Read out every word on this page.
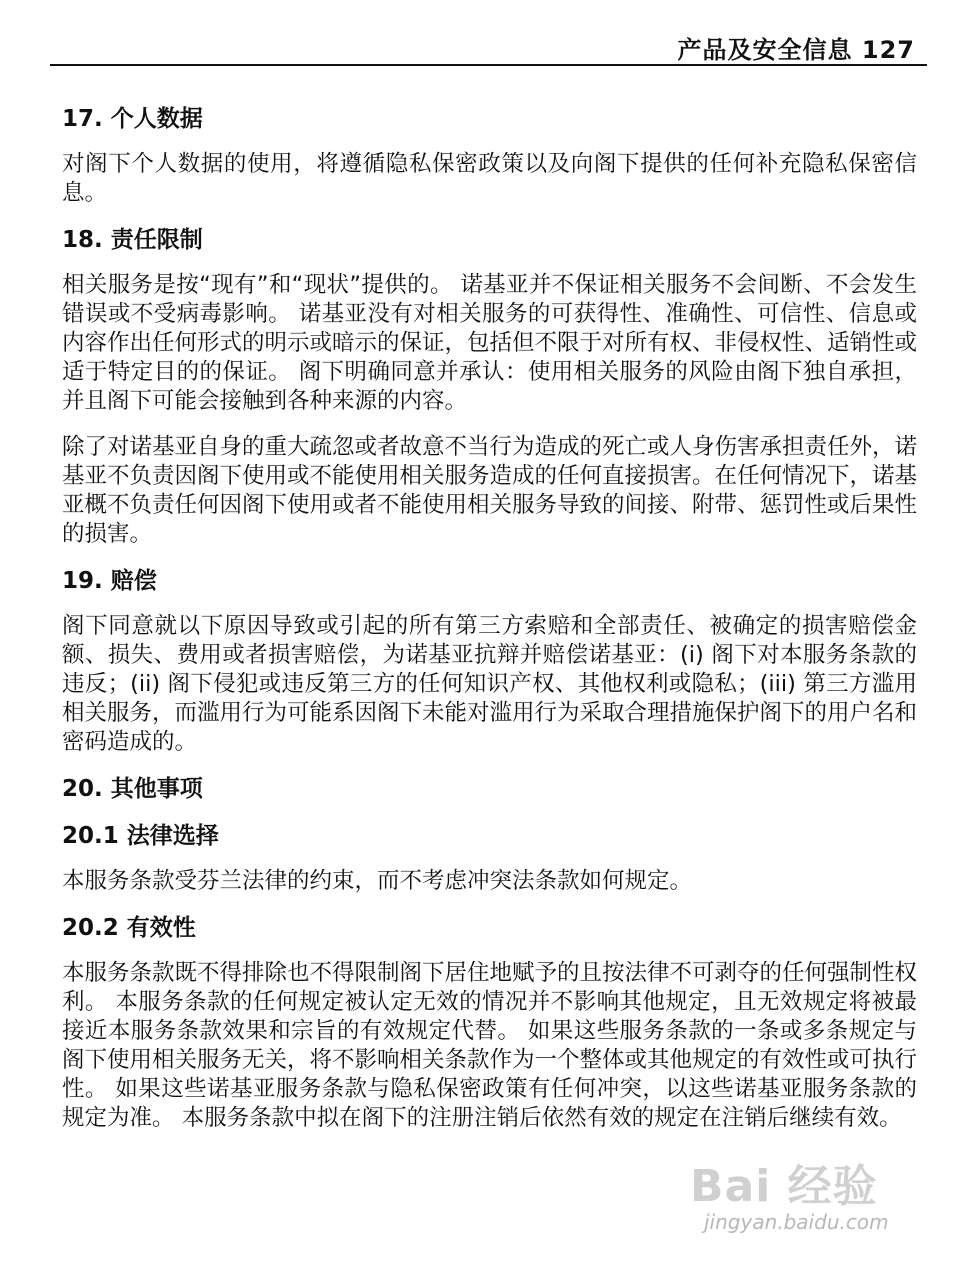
产品及安全信息 127
17. 个人数据
对阁下个人数据的使用，将遵循隐私保密政策以及向阁下提供的任何补充隐私保密信息。
18. 责任限制
相关服务是按“现有”和“现状”提供的。 诺基亚并不保证相关服务不会间断、不会发生错误或不受病毒影响。 诺基亚没有对相关服务的可获得性、准确性、可信性、信息或内容作出任何形式的明示或暗示的保证，包括但不限于对所有权、非侵权性、适销性或适于特定目的的保证。 阁下明确同意并承认：使用相关服务的风险由阁下独自承担，并且阁下可能会接触到各种来源的内容。
除了对诺基亚自身的重大疏忽或者故意不当行为造成的死亡或人身伤害承担责任外，诺基亚不负责因阁下使用或不能使用相关服务造成的任何直接损害。在任何情况下，诺基亚概不负责任何因阁下使用或者不能使用相关服务导致的间接、附带、惩罚性或后果性的损害。
19. 赔偿
阁下同意就以下原因导致或引起的所有第三方索赔和全部责任、被确定的损害赔偿金额、损失、费用或者损害赔偿，为诺基亚抗辩并赔偿诺基亚：(i) 阁下对本服务条款的违反；(ii) 阁下侵犯或违反第三方的任何知识产权、其他权利或隐私；(iii) 第三方滥用相关服务，而滥用行为可能系因阁下未能对滥用行为采取合理措施保护阁下的用户名和密码造成的。
20. 其他事项
20.1 法律选择
本服务条款受芬兰法律的约束，而不考虑冲突法条款如何规定。
20.2 有效性
本服务条款既不得排除也不得限制阁下居住地赋予的且按法律不可剥夺的任何强制性权利。 本服务条款的任何规定被认定无效的情况并不影响其他规定，且无效规定将被最接近本服务条款效果和宗旨的有效规定代替。 如果这些服务条款的一条或多条规定与阁下使用相关服务无关，将不影响相关条款作为一个整体或其他规定的有效性或可执行性。 如果这些诺基亚服务条款与隐私保密政策有任何冲突，以这些诺基亚服务条款的规定为准。 本服务条款中拟在阁下的注册注销后依然有效的规定在注销后继续有效。
Bai 经验
jingyan.baidu.com
